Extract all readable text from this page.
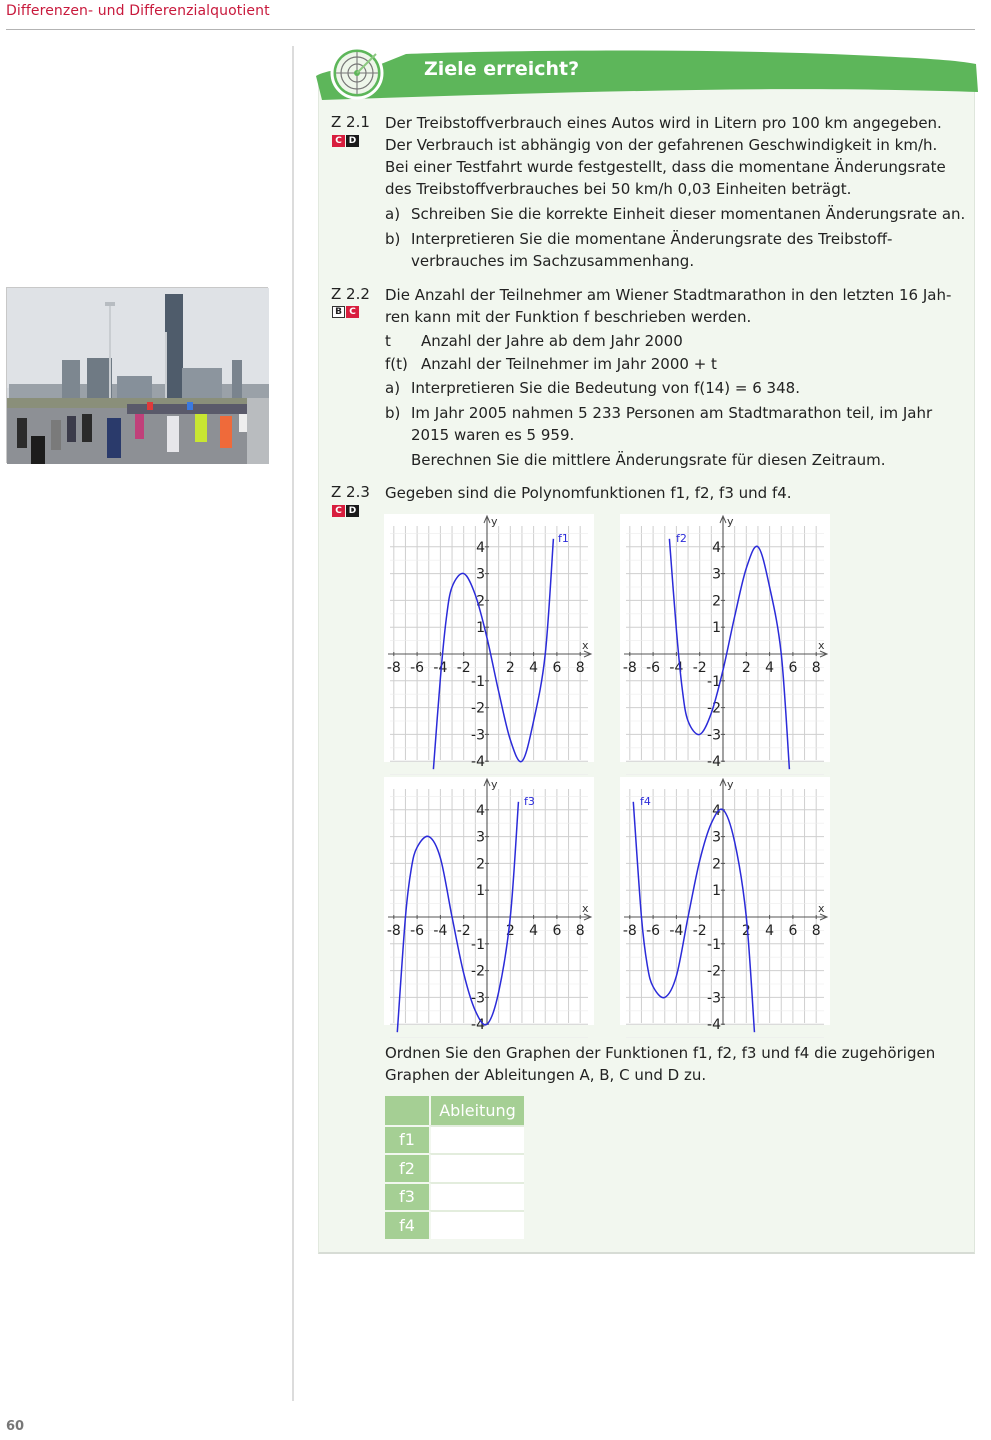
Differenzen- und Differenzialquotient
60
Ziele erreicht?
Z 2.1
C D
Der Treibstoffverbrauch eines Autos wird in Litern pro 100 km angegeben.
Der Verbrauch ist abhängig von der gefahrenen Geschwindigkeit in km/h.
Bei einer Testfahrt wurde festgestellt, dass die momentane Änderungsrate
des Treibstoffverbrauches bei 50 km/h 0,03 Einheiten beträgt.
a) Schreiben Sie die korrekte Einheit dieser momentanen Änderungsrate an.
b) Interpretieren Sie die momentane Änderungsrate des Treibstoff-
verbrauches im Sachzusammenhang.
Z 2.2
B C
Die Anzahl der Teilnehmer am Wiener Stadtmarathon in den letzten 16 Jah-
ren kann mit der Funktion f beschrieben werden.
t Anzahl der Jahre ab dem Jahr 2000
f(t) Anzahl der Teilnehmer im Jahr 2000 + t
a) Interpretieren Sie die Bedeutung von f(14) = 6 348.
b) Im Jahr 2005 nahmen 5 233 Personen am Stadtmarathon teil, im Jahr
2015 waren es 5 959.
Berechnen Sie die mittlere Änderungsrate für diesen Zeitraum.
Z 2.3
C D
Gegeben sind die Polynomfunktionen f1, f2, f3 und f4.
x
y
-8 -6 -4 -2	2 4 6 8
4
3
2
1
-1
-2
-3
-4
f1
x
y
-8 -6 -4 -2	2 4 6 8
4
3
2
1
-1
-2
-3
-4
f2
x
y
-8 -6 -4 -2	2 4 6 8
4
3
2
1
-1
-2
-3
-4
f3
x
y
-8 -6 -4 -2	2 4 6 8
4
3
2
1
-1
-2
-3
-4
f4
Ordnen Sie den Graphen der Funktionen f1, f2, f3 und f4 die zugehörigen
Graphen der Ableitungen A, B, C und D zu.
	Ableitung
f1	
f2	
f3	
f4	
